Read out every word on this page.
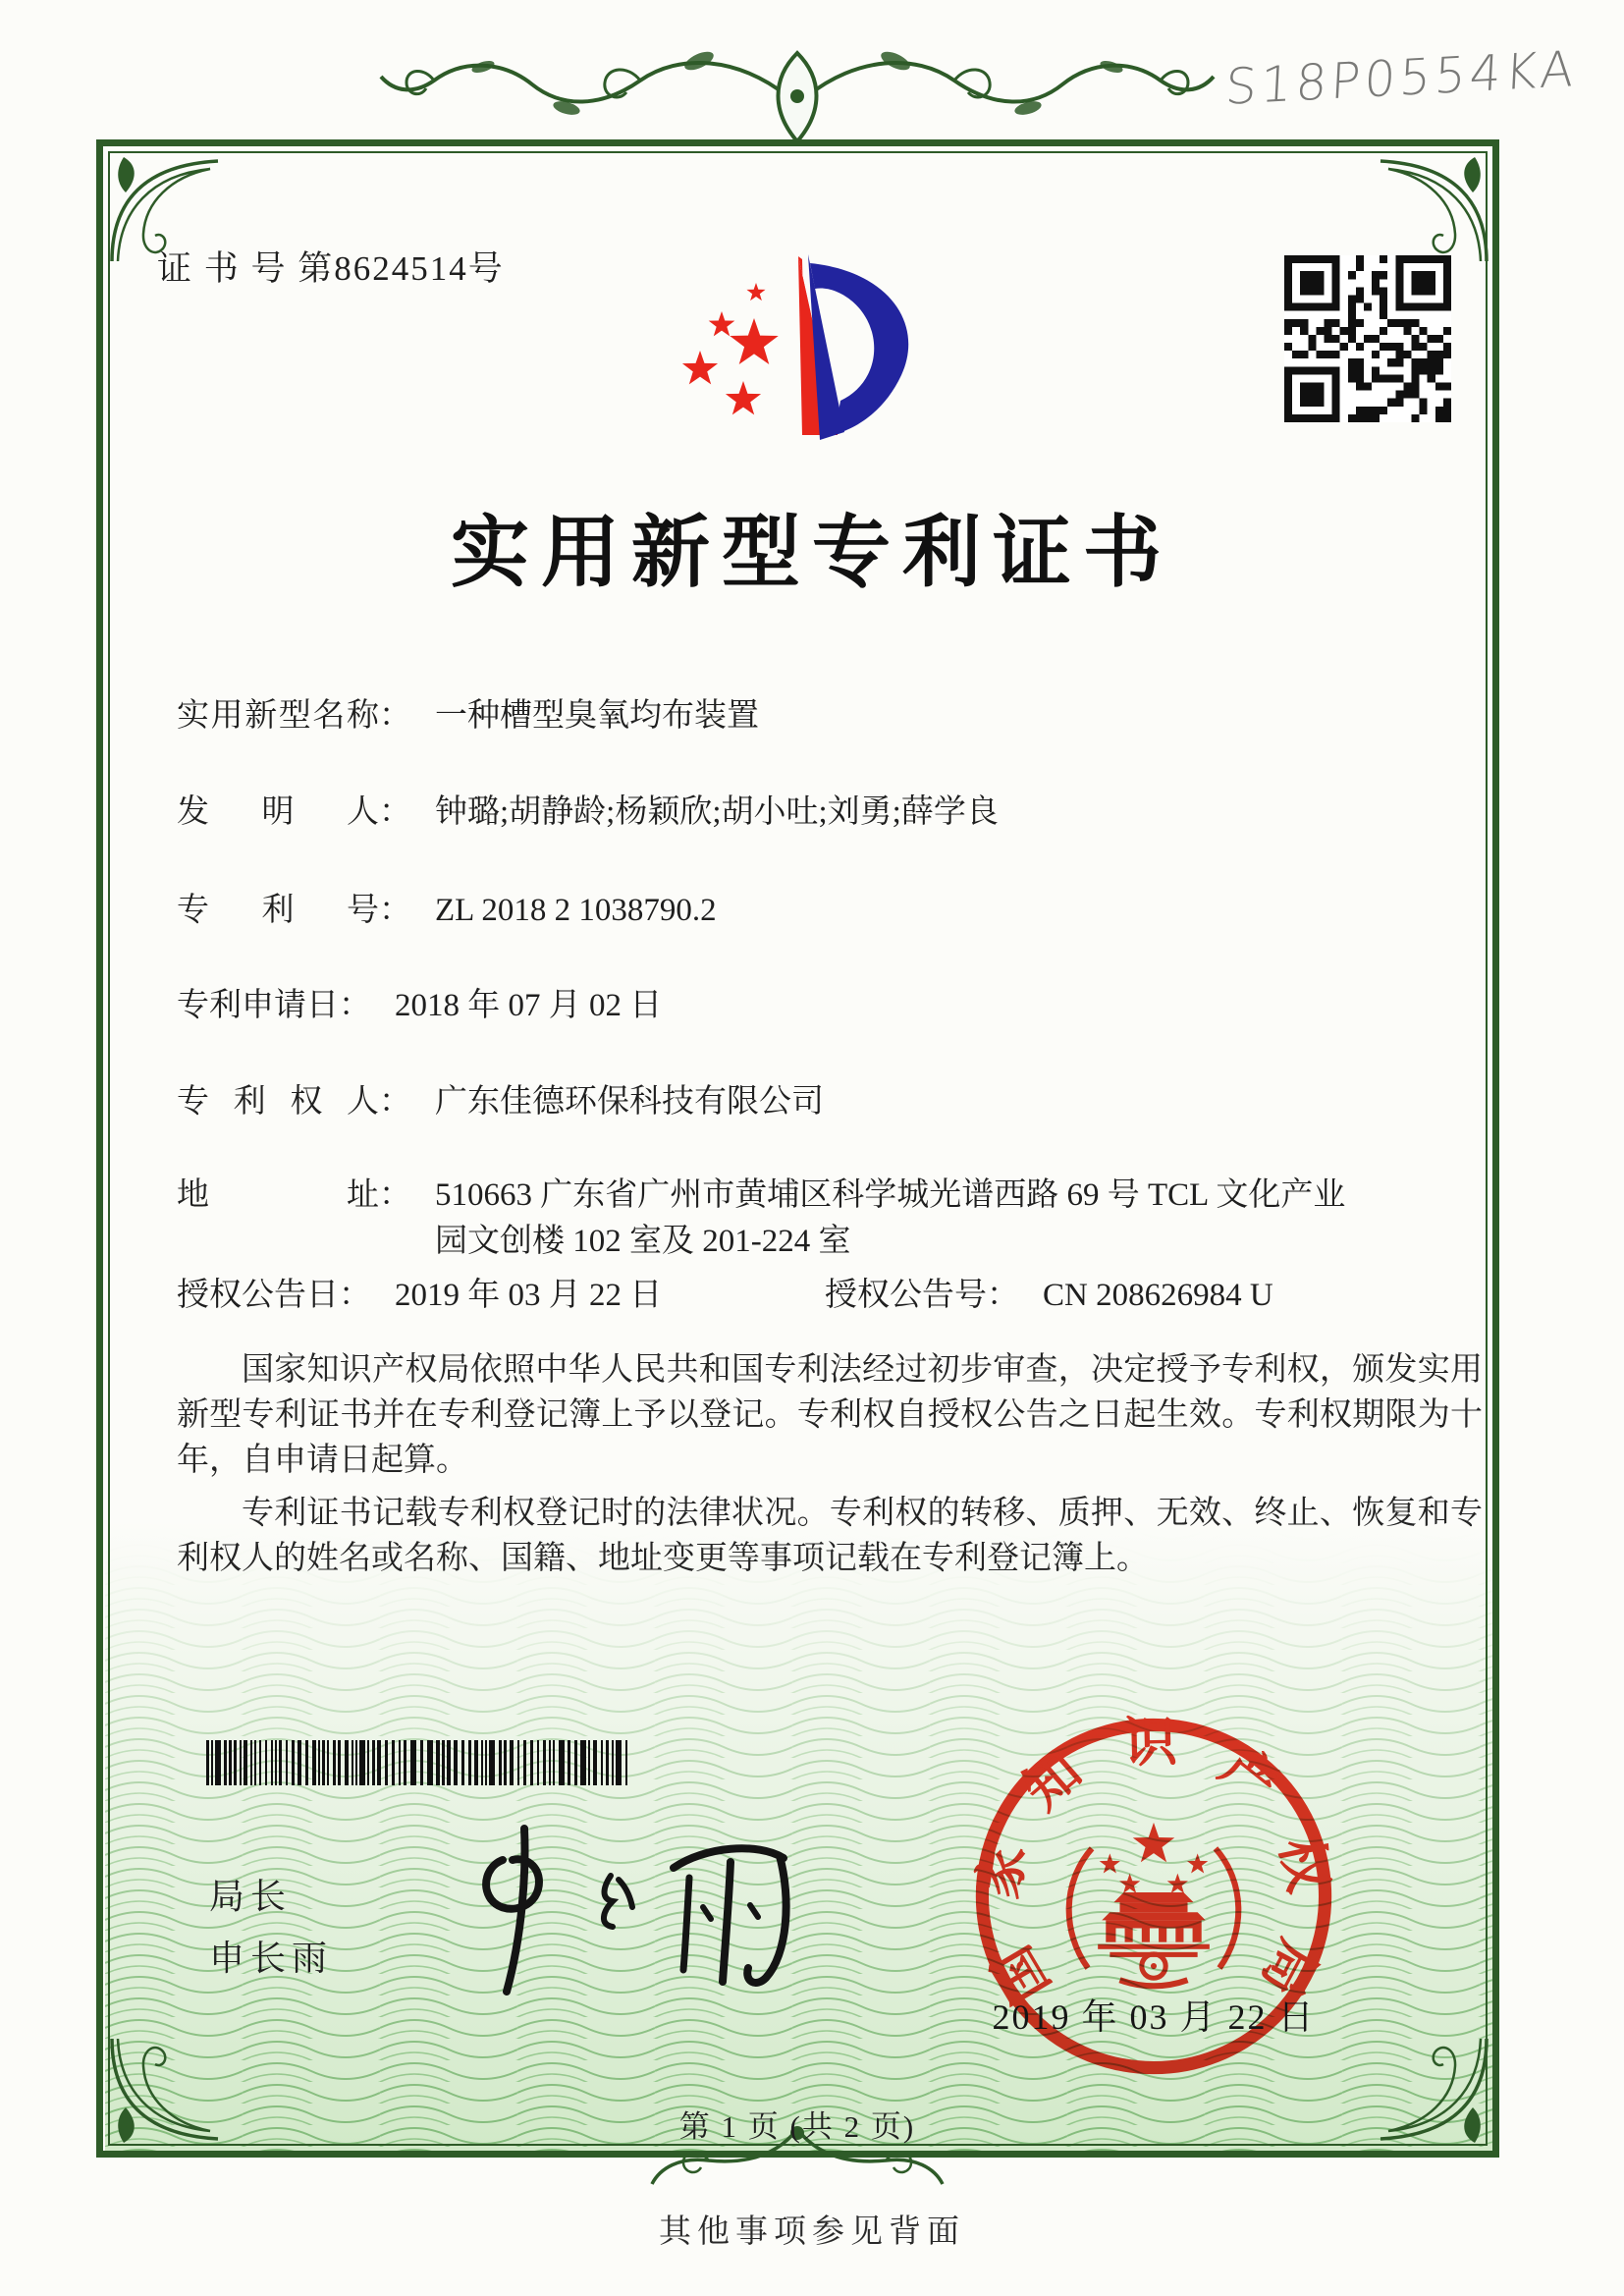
S18P0554KA
证 书 号 第8624514号
实用新型专利证书
实用新型名称 ： 一种槽型臭氧均布装置
发明人 ： 钟璐;胡静龄;杨颖欣;胡小吐;刘勇;薛学良
专利号 ： ZL 2018 2 1038790.2
专利申请日 ： 2018 年 07 月 02 日
专利权人 ： 广东佳德环保科技有限公司
地址 ： 510663 广东省广州市黄埔区科学城光谱西路 69 号 TCL 文化产业园文创楼 102 室及 201-224 室
授权公告日： 2019 年 03 月 22 日	授权公告号： CN 208626984 U

国家知识产权局依照中华人民共和国专利法经过初步审查，决定授予专利权，颁发实用新型专利证书并在专利登记簿上予以登记。专利权自授权公告之日起生效。专利权期限为十年，自申请日起算。

专利证书记载专利权登记时的法律状况。专利权的转移、质押、无效、终止、恢复和专利权人的姓名或名称、国籍、地址变更等事项记载在专利登记簿上。

局长
申长雨	国家知识产权局
2019 年 03 月 22 日
第 1 页 (共 2 页)
其他事项参见背面
